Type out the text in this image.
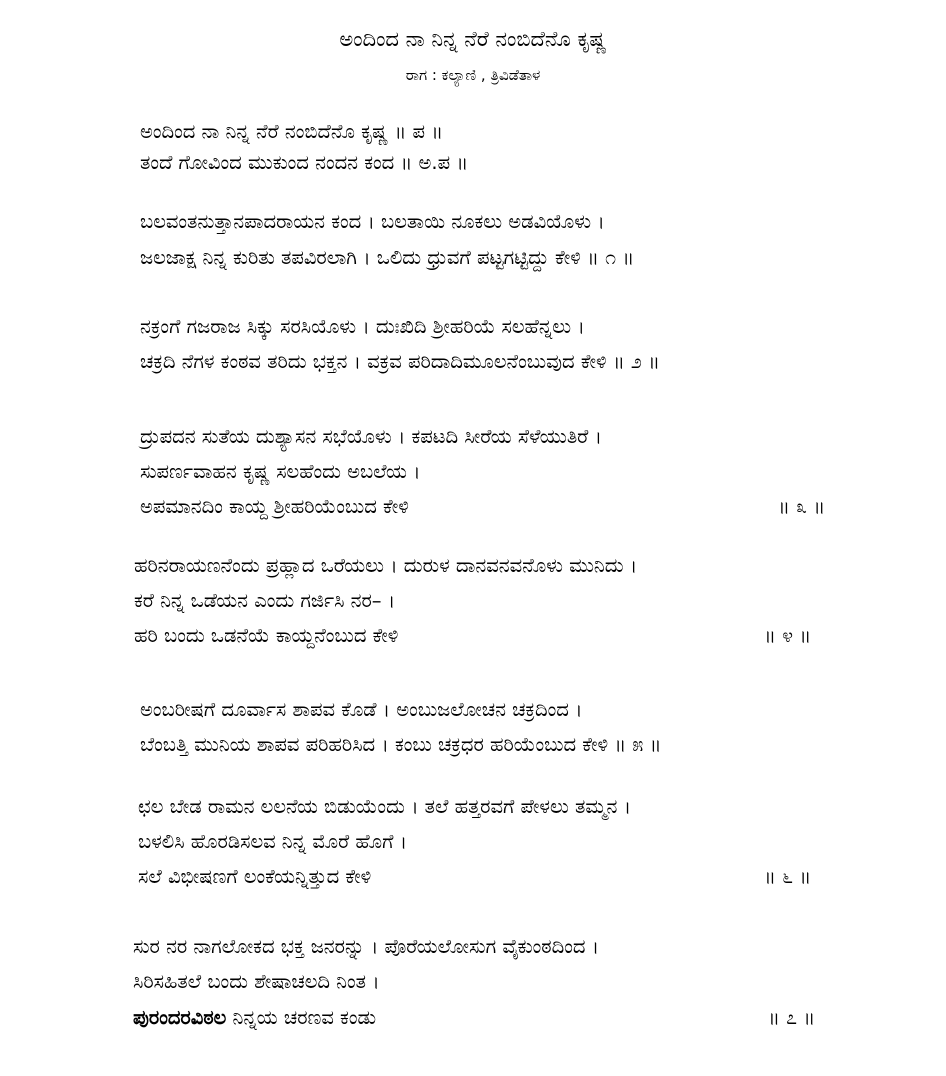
ಅಂದಿಂದ ನಾ ನಿನ್ನ ನೆರೆ ನಂಬಿದೆನೊ ಕೃಷ್ಣ
ರಾಗ : ಕಲ್ಯಾಣಿ , ತ್ರಿವಿಡೆತಾಳ
ಅಂದಿಂದ ನಾ ನಿನ್ನ ನೆರೆ ನಂಬಿದೆನೊ ಕೃಷ್ಣ ॥ ಪ ॥
ತಂದೆ ಗೋವಿಂದ ಮುಕುಂದ ನಂದನ ಕಂದ ॥ ಅ.ಪ ॥
ಬಲವಂತನುತ್ತಾನಪಾದರಾಯನ ಕಂದ । ಬಲತಾಯಿ ನೂಕಲು ಅಡವಿಯೊಳು ।
ಜಲಜಾಕ್ಷ ನಿನ್ನ ಕುರಿತು ತಪವಿರಲಾಗಿ । ಒಲಿದು ಧ್ರುವಗೆ ಪಟ್ಟಗಟ್ಟಿದ್ದು ಕೇಳಿ ॥ ೧ ॥
ನಕ್ರಂಗೆ ಗಜರಾಜ ಸಿಕ್ಕು ಸರಸಿಯೊಳು । ದುಃಖಿದಿ ಶ್ರೀಹರಿಯೆ ಸಲಹೆನ್ನಲು ।
ಚಕ್ರದಿ ನೆಗಳ ಕಂಠವ ತರಿದು ಭಕ್ತನ । ವಕ್ರವ ಪರಿದಾದಿಮೂಲನೆಂಬುವುದ ಕೇಳಿ ॥ ೨ ॥
ದ್ರುಪದನ ಸುತೆಯ ದುಶ್ಯಾಸನ ಸಭೆಯೊಳು । ಕಪಟದಿ ಸೀರೆಯ ಸೆಳೆಯುತಿರೆ ।
ಸುಪರ್ಣವಾಹನ ಕೃಷ್ಣ ಸಲಹೆಂದು ಅಬಲೆಯ ।
ಅಪಮಾನದಿಂ ಕಾಯ್ದ ಶ್ರೀಹರಿಯೆಂಬುದ ಕೇಳಿ	॥ ೩ ॥
ಹರಿನರಾಯಣನೆಂದು ಪ್ರಹ್ಲಾದ ಒರೆಯಲು । ದುರುಳ ದಾನವನವನೊಳು ಮುನಿದು ।
ಕರೆ ನಿನ್ನ ಒಡೆಯನ ಎಂದು ಗರ್ಜಿಸಿ ನರ– ।
ಹರಿ ಬಂದು ಒಡನೆಯೆ ಕಾಯ್ದನೆಂಬುದ ಕೇಳಿ	॥ ೪ ॥
ಅಂಬರೀಷಗೆ ದೂರ್ವಾಸ ಶಾಪವ ಕೊಡೆ । ಅಂಬುಜಲೋಚನ ಚಕ್ರದಿಂದ ।
ಬೆಂಬತ್ತಿ ಮುನಿಯ ಶಾಪವ ಪರಿಹರಿಸಿದ । ಕಂಬು ಚಕ್ರಧರ ಹರಿಯೆಂಬುದ ಕೇಳಿ ॥ ೫ ॥
ಛಲ ಬೇಡ ರಾಮನ ಲಲನೆಯ ಬಿಡುಯೆಂದು । ತಲೆ ಹತ್ತರವಗೆ ಪೇಳಲು ತಮ್ಮನ ।
ಬಳಲಿಸಿ ಹೊರಡಿಸಲವ ನಿನ್ನ ಮೊರೆ ಹೊಗೆ ।
ಸಲೆ ವಿಭೀಷಣಗೆ ಲಂಕೆಯನ್ನಿತ್ತುದ ಕೇಳಿ	॥ ೬ ॥
ಸುರ ನರ ನಾಗಲೋಕದ ಭಕ್ತ ಜನರನ್ನು । ಪೊರೆಯಲೋಸುಗ ವೈಕುಂಠದಿಂದ ।
ಸಿರಿಸಹಿತಲೆ ಬಂದು ಶೇಷಾಚಲದಿ ನಿಂತ ।
ಪುರಂದರವಿಠಲ ನಿನ್ನಯ ಚರಣವ ಕಂಡು	॥ ೭ ॥
